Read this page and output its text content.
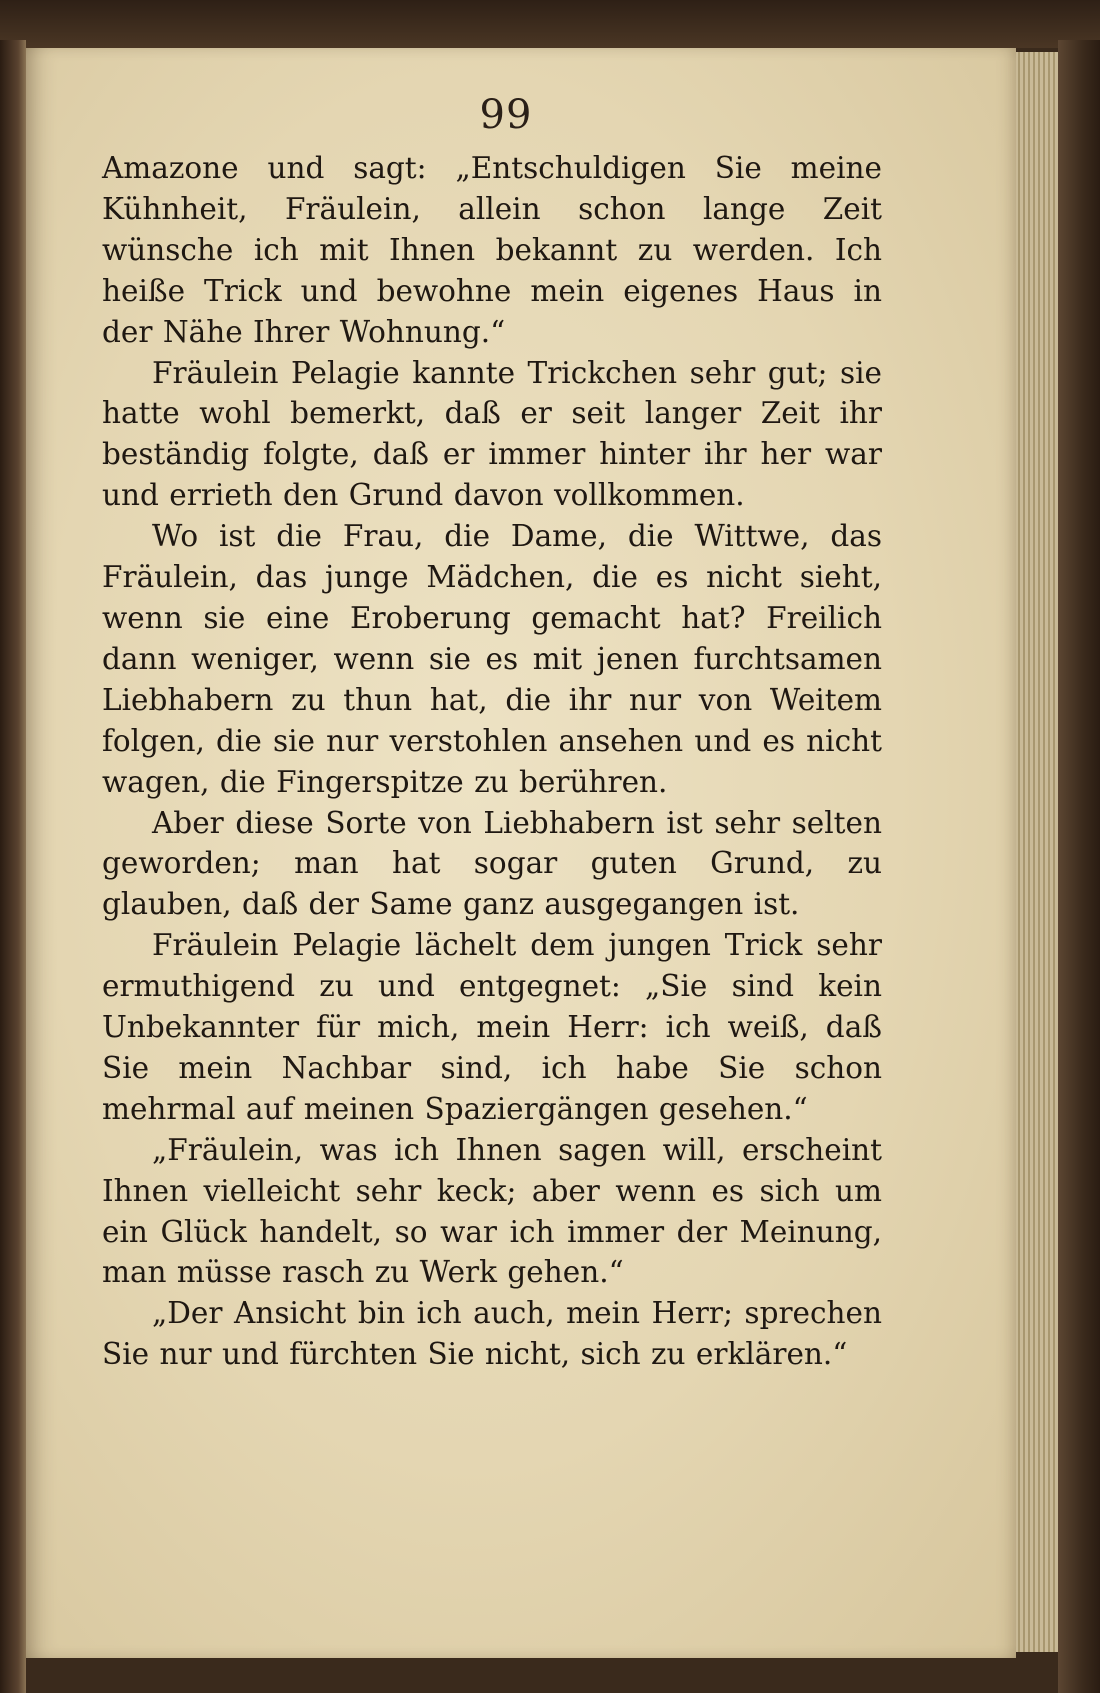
99

Amazone und sagt: „Entschuldigen Sie meine Kühnheit, Fräulein, allein schon lange Zeit wünsche ich mit Ihnen bekannt zu werden. Ich heiße Trick und bewohne mein eigenes Haus in der Nähe Ihrer Wohnung.“

Fräulein Pelagie kannte Trickchen sehr gut; sie hatte wohl bemerkt, daß er seit langer Zeit ihr beständig folgte, daß er immer hinter ihr her war und errieth den Grund davon vollkommen.

Wo ist die Frau, die Dame, die Wittwe, das Fräulein, das junge Mädchen, die es nicht sieht, wenn sie eine Eroberung gemacht hat? Freilich dann weniger, wenn sie es mit jenen furchtsamen Liebhabern zu thun hat, die ihr nur von Weitem folgen, die sie nur verstohlen ansehen und es nicht wagen, die Fingerspitze zu berühren.

Aber diese Sorte von Liebhabern ist sehr selten geworden; man hat sogar guten Grund, zu glauben, daß der Same ganz ausgegangen ist.

Fräulein Pelagie lächelt dem jungen Trick sehr ermuthigend zu und entgegnet: „Sie sind kein Unbekannter für mich, mein Herr: ich weiß, daß Sie mein Nachbar sind, ich habe Sie schon mehrmal auf meinen Spaziergängen gesehen.“

„Fräulein, was ich Ihnen sagen will, erscheint Ihnen vielleicht sehr keck; aber wenn es sich um ein Glück handelt, so war ich immer der Meinung, man müsse rasch zu Werk gehen.“

„Der Ansicht bin ich auch, mein Herr; sprechen Sie nur und fürchten Sie nicht, sich zu erklären.“
